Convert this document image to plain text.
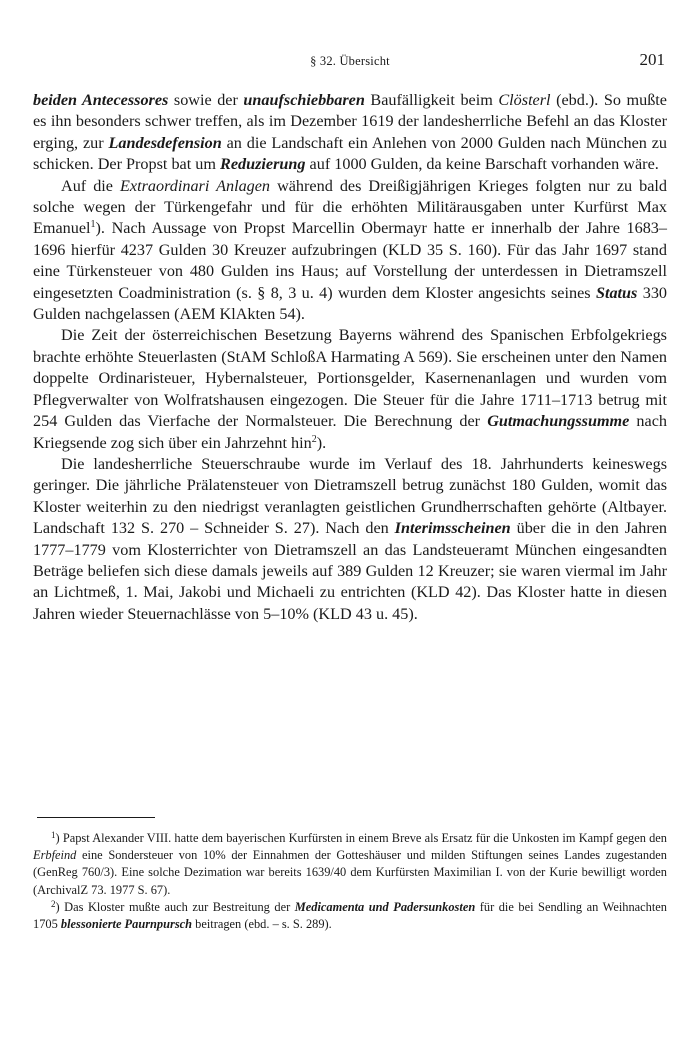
§ 32. Übersicht	201

beiden Antecessores sowie der unaufschiebbaren Baufälligkeit beim Clösterl (ebd.). So mußte es ihn besonders schwer treffen, als im Dezember 1619 der landesherrliche Befehl an das Kloster erging, zur Landesdefension an die Landschaft ein Anlehen von 2000 Gulden nach München zu schicken. Der Propst bat um Reduzierung auf 1000 Gulden, da keine Barschaft vorhanden wäre.

Auf die Extraordinari Anlagen während des Dreißigjährigen Krieges folgten nur zu bald solche wegen der Türkengefahr und für die erhöhten Militärausgaben unter Kurfürst Max Emanuel$^1$). Nach Aussage von Propst Marcellin Obermayr hatte er innerhalb der Jahre 1683–1696 hierfür 4237 Gulden 30 Kreuzer aufzubringen (KLD 35 S. 160). Für das Jahr 1697 stand eine Türkensteuer von 480 Gulden ins Haus; auf Vorstellung der unterdessen in Dietramszell eingesetzten Coadministration (s. § 8, 3 u. 4) wurden dem Kloster angesichts seines Status 330 Gulden nachgelassen (AEM KlAkten 54).

Die Zeit der österreichischen Besetzung Bayerns während des Spanischen Erbfolgekriegs brachte erhöhte Steuerlasten (StAM SchloßA Harmating A 569). Sie erscheinen unter den Namen doppelte Ordinaristeuer, Hybernalsteuer, Portionsgelder, Kasernenanlagen und wurden vom Pflegverwalter von Wolfratshausen eingezogen. Die Steuer für die Jahre 1711–1713 betrug mit 254 Gulden das Vierfache der Normalsteuer. Die Berechnung der Gutmachungssumme nach Kriegsende zog sich über ein Jahrzehnt hin$^2$).

Die landesherrliche Steuerschraube wurde im Verlauf des 18. Jahrhunderts keineswegs geringer. Die jährliche Prälatensteuer von Dietramszell betrug zunächst 180 Gulden, womit das Kloster weiterhin zu den niedrigst veranlagten geistlichen Grundherrschaften gehörte (Altbayer. Landschaft 132 S. 270 – Schneider S. 27). Nach den Interimsscheinen über die in den Jahren 1777–1779 vom Klosterrichter von Dietramszell an das Landsteueramt München eingesandten Beträge beliefen sich diese damals jeweils auf 389 Gulden 12 Kreuzer; sie waren viermal im Jahr an Lichtmeß, 1. Mai, Jakobi und Michaeli zu entrichten (KLD 42). Das Kloster hatte in diesen Jahren wieder Steuernachlässe von 5–10% (KLD 43 u. 45).

$^1$) Papst Alexander VIII. hatte dem bayerischen Kurfürsten in einem Breve als Ersatz für die Unkosten im Kampf gegen den Erbfeind eine Sondersteuer von 10% der Einnahmen der Gotteshäuser und milden Stiftungen seines Landes zugestanden (GenReg 760/3). Eine solche Dezimation war bereits 1639/40 dem Kurfürsten Maximilian I. von der Kurie bewilligt worden (ArchivalZ 73. 1977 S. 67).

$^2$) Das Kloster mußte auch zur Bestreitung der Medicamenta und Padersunkosten für die bei Sendling an Weihnachten 1705 blessonierte Paurnpursch beitragen (ebd. – s. S. 289).
